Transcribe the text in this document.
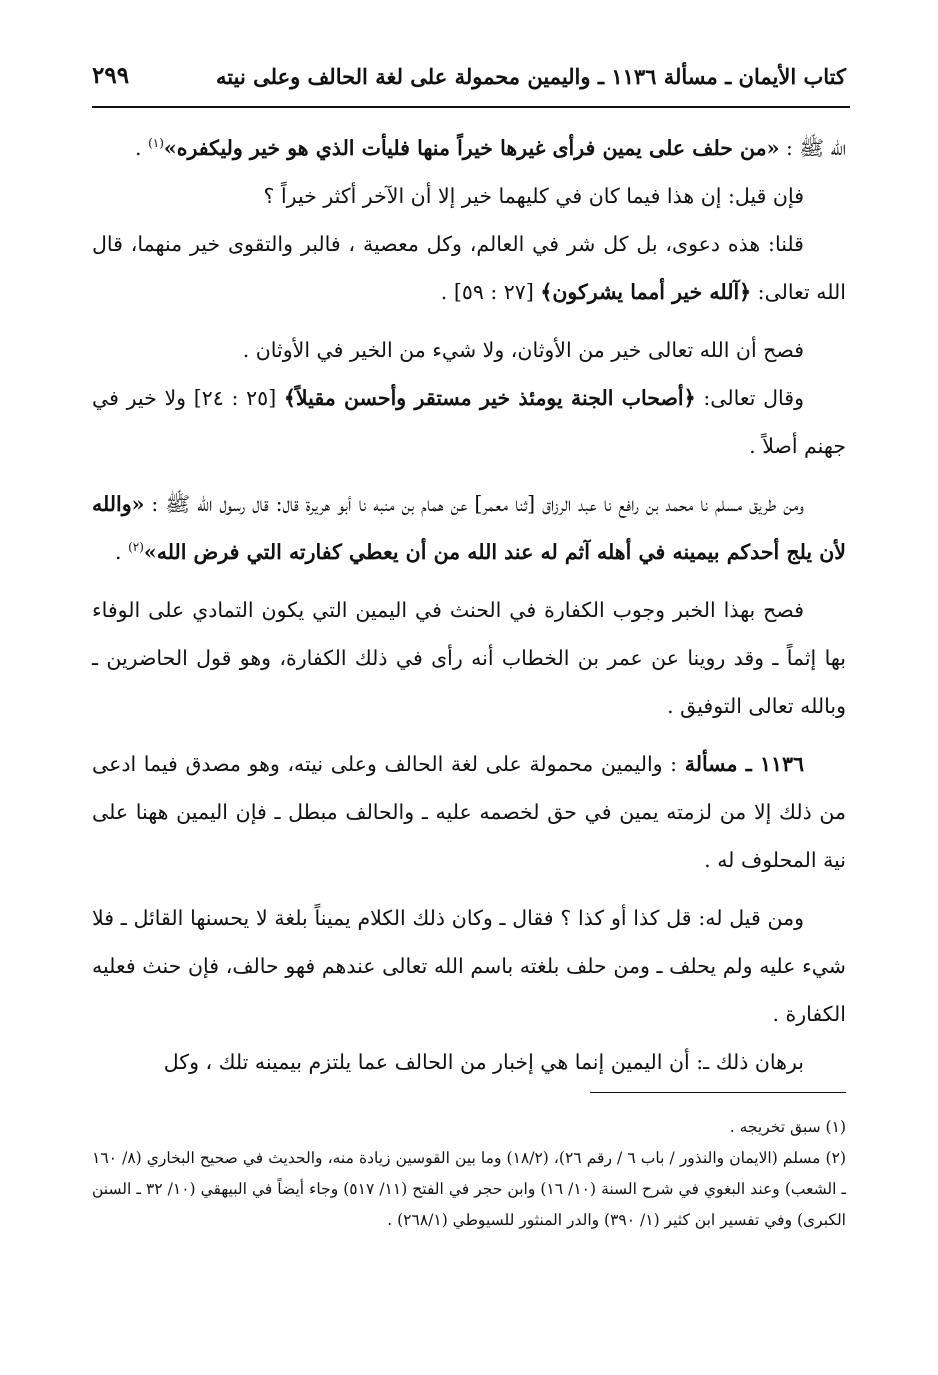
كتاب الأيمان ـ مسألة ١١٣٦ ـ واليمين محمولة على لغة الحالف وعلى نيته
٢٩٩

الله ﷺ : «من حلف على يمين فرأى غيرها خيراً منها فليأت الذي هو خير وليكفره»$^{(١)}$ .

فإن قيل: إن هذا فيما كان في كليهما خير إلا أن الآخر أكثر خيراً ؟

قلنا: هذه دعوى، بل كل شر في العالم، وكل معصية ، فالبر والتقوى خير منهما، قال الله تعالى: ﴿آلله خير أمما يشركون﴾ [٢٧ : ٥٩] .

فصح أن الله تعالى خير من الأوثان، ولا شيء من الخير في الأوثان .

وقال تعالى: ﴿أصحاب الجنة يومئذ خير مستقر وأحسن مقيلاً﴾ [٢٥ : ٢٤] ولا خير في جهنم أصلاً .

ومن طريق مسلم نا محمد بن رافع نا عبد الرزاق [ثنا معمر] عن همام بن منبه نا أبو هريرة قال: قال رسول الله ﷺ : «والله لأن يلج أحدكم بيمينه في أهله آثم له عند الله من أن يعطي كفارته التي فرض الله»$^{(٢)}$ .

فصح بهذا الخبر وجوب الكفارة في الحنث في اليمين التي يكون التمادي على الوفاء بها إثماً ـ وقد روينا عن عمر بن الخطاب أنه رأى في ذلك الكفارة، وهو قول الحاضرين ـ وبالله تعالى التوفيق .

١١٣٦ ـ مسألة : واليمين محمولة على لغة الحالف وعلى نيته، وهو مصدق فيما ادعى من ذلك إلا من لزمته يمين في حق لخصمه عليه ـ والحالف مبطل ـ فإن اليمين ههنا على نية المحلوف له .

ومن قيل له: قل كذا أو كذا ؟ فقال ـ وكان ذلك الكلام يميناً بلغة لا يحسنها القائل ـ فلا شيء عليه ولم يحلف ـ ومن حلف بلغته باسم الله تعالى عندهم فهو حالف، فإن حنث فعليه الكفارة .

برهان ذلك ـ: أن اليمين إنما هي إخبار من الحالف عما يلتزم بيمينه تلك ، وكل

(١) سبق تخريجه .

(٢) مسلم (الايمان والنذور / باب ٦ / رقم ٢٦)، (١٨/٢) وما بين القوسين زيادة منه، والحديث في صحيح البخاري (٨/ ١٦٠ ـ الشعب) وعند البغوي في شرح السنة (١٠/ ١٦) وابن حجر في الفتح (١١/ ٥١٧) وجاء أيضاً في البيهقي (١٠/ ٣٢ ـ السنن الكبرى) وفي تفسير ابن كثير (١/ ٣٩٠) والدر المنثور للسيوطي (٢٦٨/١) .
